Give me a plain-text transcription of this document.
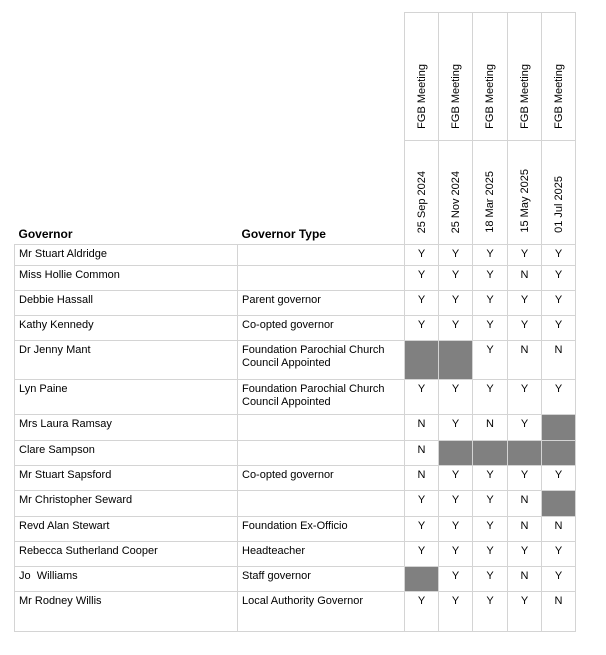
		FGB Meeting	FGB Meeting	FGB Meeting	FGB Meeting	FGB Meeting
Governor	Governor Type	25 Sep 2024	25 Nov 2024	18 Mar 2025	15 May 2025	01 Jul 2025
Mr Stuart Aldridge		Y	Y	Y	Y	Y
Miss Hollie Common		Y	Y	Y	N	Y
Debbie Hassall	Parent governor	Y	Y	Y	Y	Y
Kathy Kennedy	Co-opted governor	Y	Y	Y	Y	Y
Dr Jenny Mant	Foundation Parochial Church Council Appointed			Y	N	N
Lyn Paine	Foundation Parochial Church Council Appointed	Y	Y	Y	Y	Y
Mrs Laura Ramsay		N	Y	N	Y	
Clare Sampson		N				
Mr Stuart Sapsford	Co-opted governor	N	Y	Y	Y	Y
Mr Christopher Seward		Y	Y	Y	N	
Revd Alan Stewart	Foundation Ex-Officio	Y	Y	Y	N	N
Rebecca Sutherland Cooper	Headteacher	Y	Y	Y	Y	Y
Jo  Williams	Staff governor		Y	Y	N	Y
Mr Rodney Willis	Local Authority Governor	Y	Y	Y	Y	N
